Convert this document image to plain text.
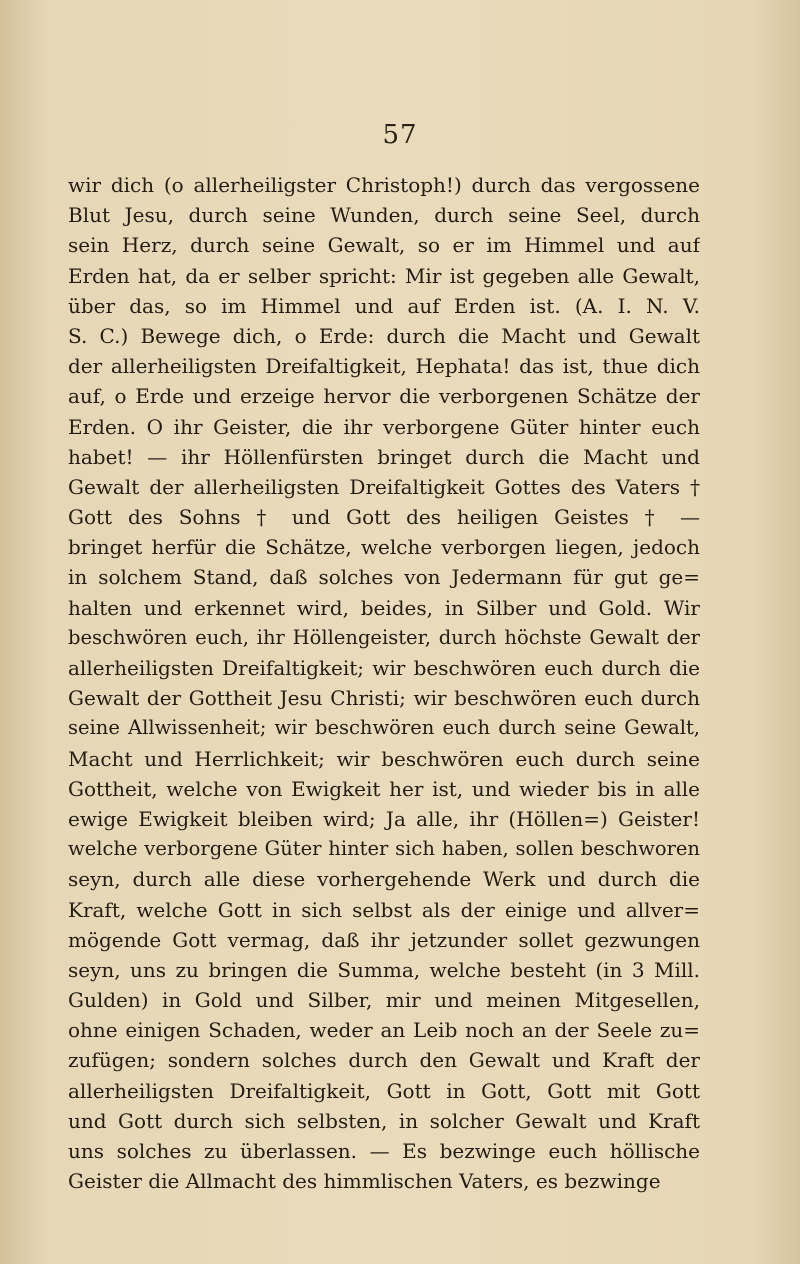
57
wir dich (o allerheiligster Christoph!) durch das vergossene
Blut Jesu, durch seine Wunden, durch seine Seel, durch
sein Herz, durch seine Gewalt, so er im Himmel und auf
Erden hat, da er selber spricht: Mir ist gegeben alle Gewalt,
über das, so im Himmel und auf Erden ist. (A. I. N. V.
S. C.) Bewege dich, o Erde: durch die Macht und Gewalt
der allerheiligsten Dreifaltigkeit, Hephata! das ist, thue dich
auf, o Erde und erzeige hervor die verborgenen Schätze der
Erden. O ihr Geister, die ihr verborgene Güter hinter euch
habet! — ihr Höllenfürsten bringet durch die Macht und
Gewalt der allerheiligsten Dreifaltigkeit Gottes des Vaters †
Gott des Sohns † und Gott des heiligen Geistes † —
bringet herfür die Schätze, welche verborgen liegen, jedoch
in solchem Stand, daß solches von Jedermann für gut ge=
halten und erkennet wird, beides, in Silber und Gold. Wir
beschwören euch, ihr Höllengeister, durch höchste Gewalt der
allerheiligsten Dreifaltigkeit; wir beschwören euch durch die
Gewalt der Gottheit Jesu Christi; wir beschwören euch durch
seine Allwissenheit; wir beschwören euch durch seine Gewalt,
Macht und Herrlichkeit; wir beschwören euch durch seine
Gottheit, welche von Ewigkeit her ist, und wieder bis in alle
ewige Ewigkeit bleiben wird; Ja alle, ihr (Höllen=) Geister!
welche verborgene Güter hinter sich haben, sollen beschworen
seyn, durch alle diese vorhergehende Werk und durch die
Kraft, welche Gott in sich selbst als der einige und allver=
mögende Gott vermag, daß ihr jetzunder sollet gezwungen
seyn, uns zu bringen die Summa, welche besteht (in 3 Mill.
Gulden) in Gold und Silber, mir und meinen Mitgesellen,
ohne einigen Schaden, weder an Leib noch an der Seele zu=
zufügen; sondern solches durch den Gewalt und Kraft der
allerheiligsten Dreifaltigkeit, Gott in Gott, Gott mit Gott
und Gott durch sich selbsten, in solcher Gewalt und Kraft
uns solches zu überlassen. — Es bezwinge euch höllische
Geister die Allmacht des himmlischen Vaters, es bezwinge
